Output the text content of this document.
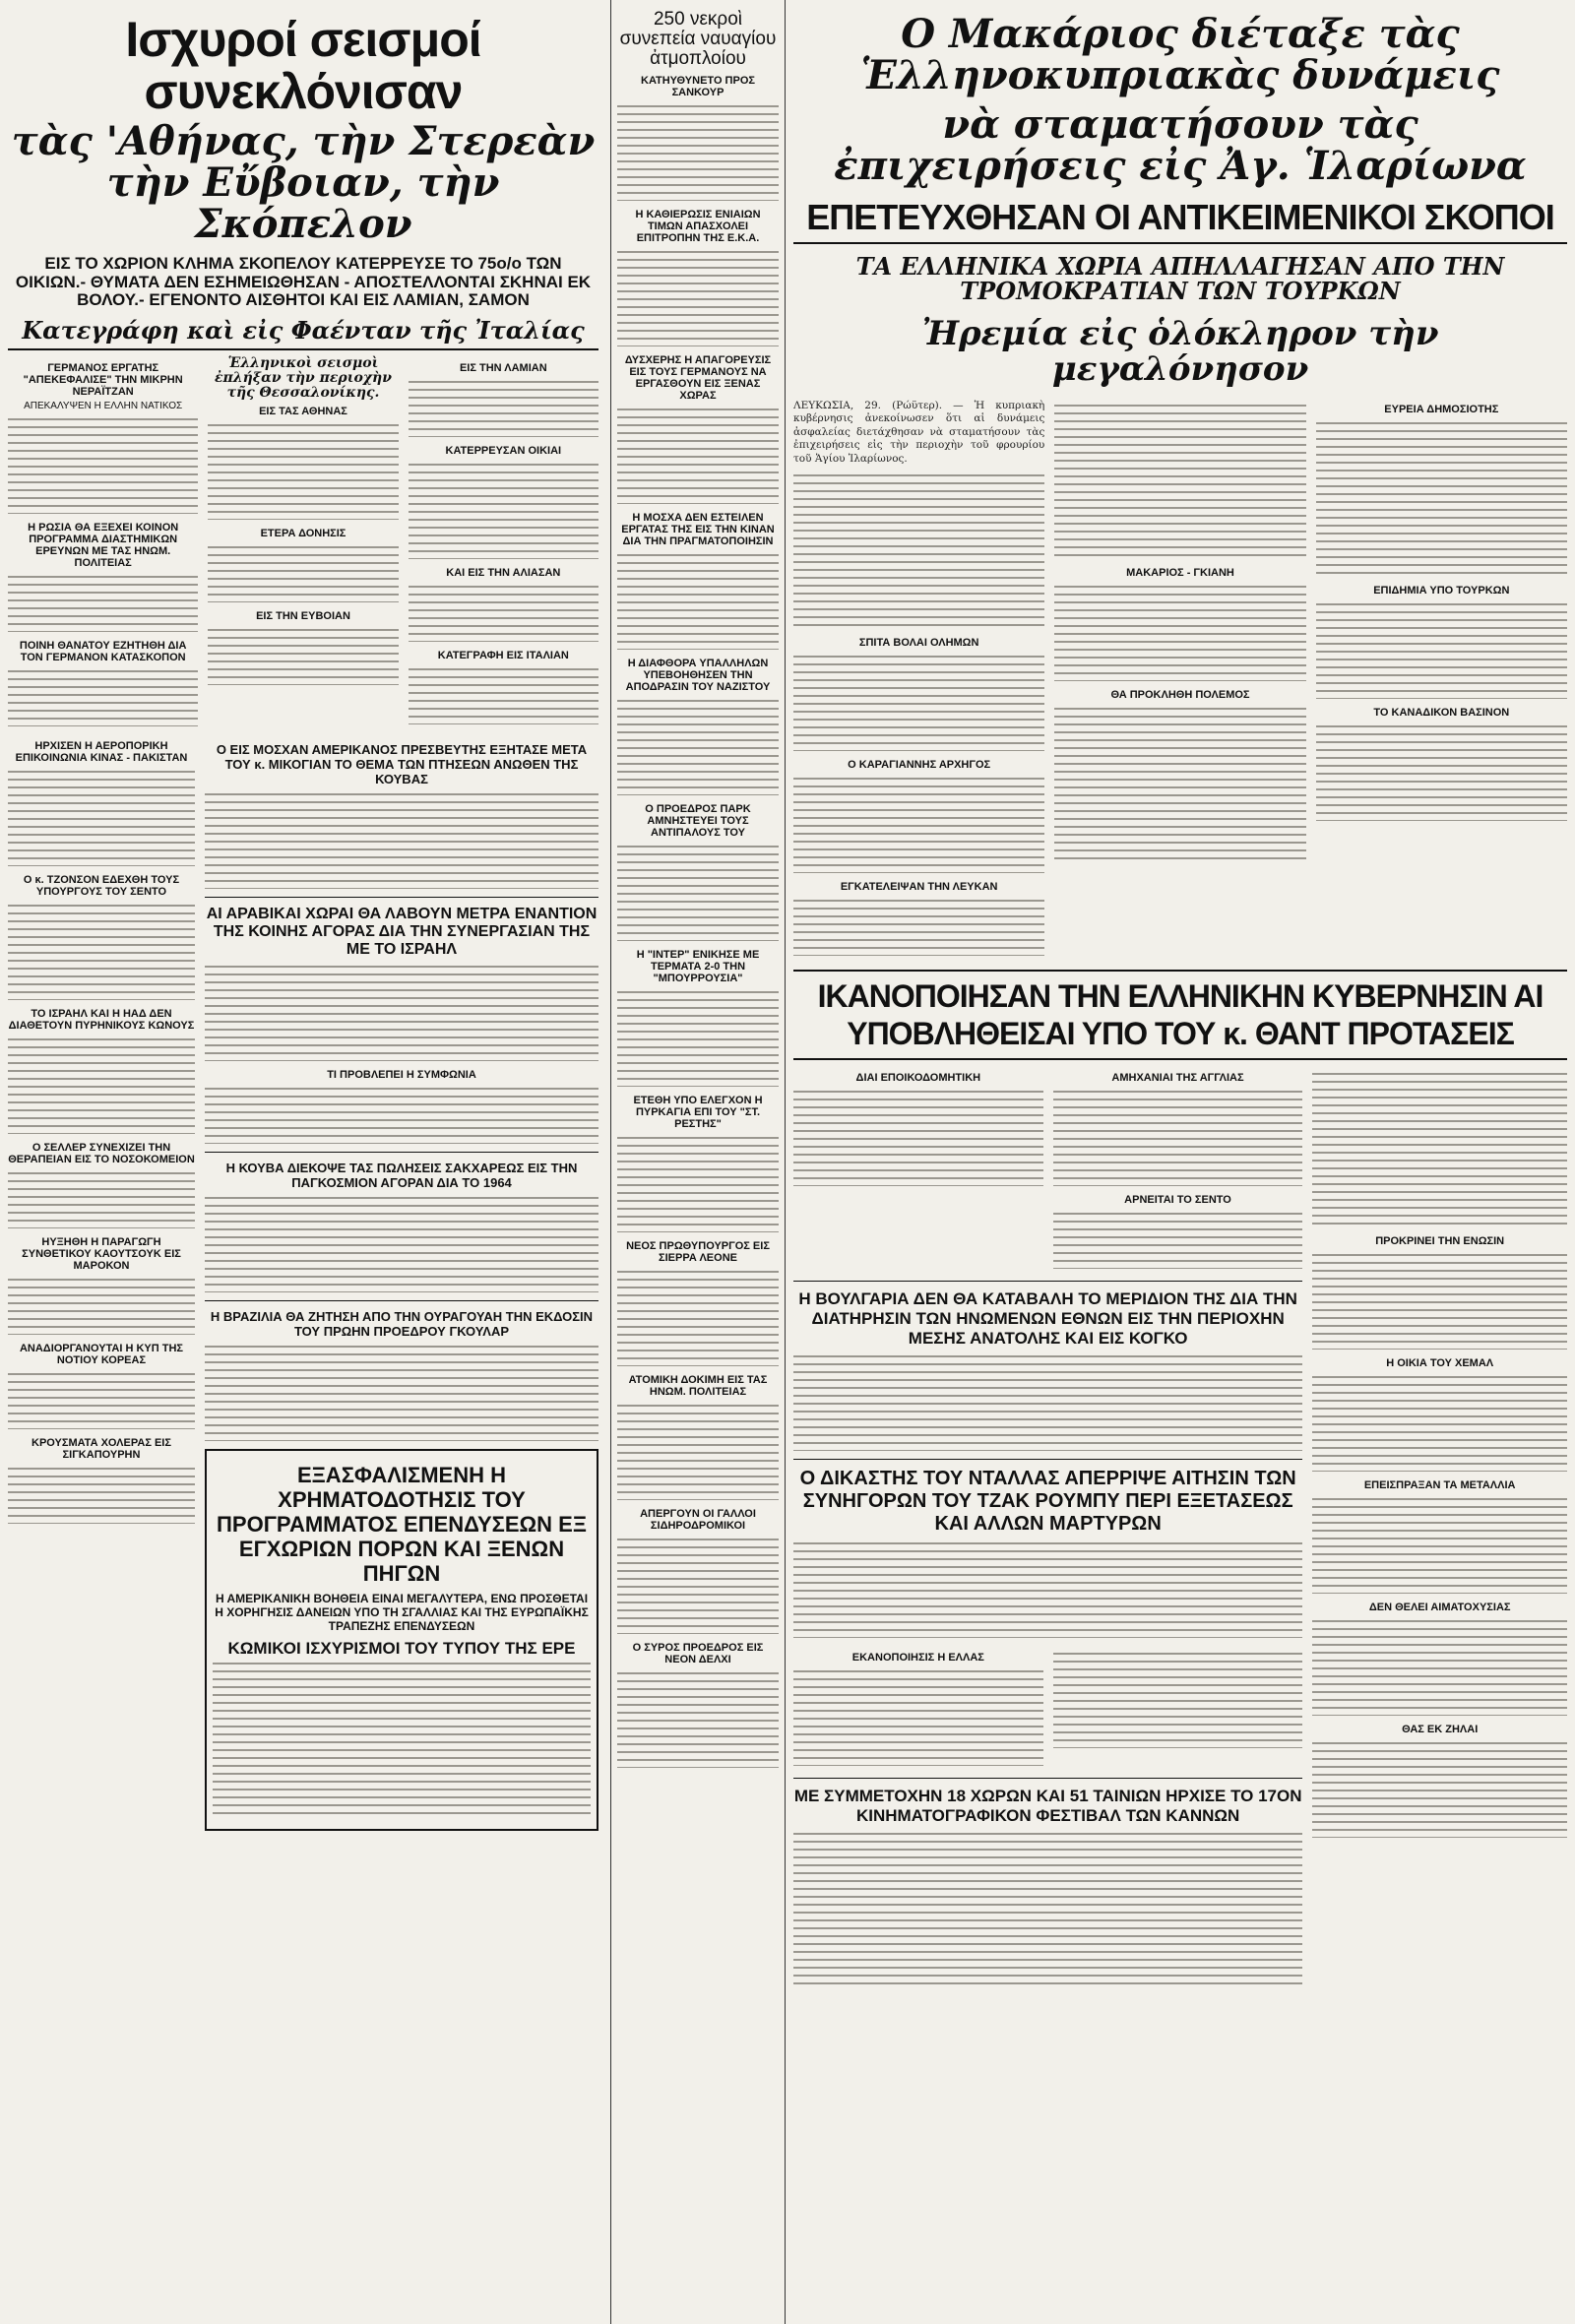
Ισχυροί σεισμοί συνεκλόνισαν
τὰς 'Αθήνας, τὴν Στερεὰν
τὴν Εὔβοιαν, τὴν Σκόπελον
ΕΙΣ ΤΟ ΧΩΡΙΟΝ ΚΛΗΜΑ ΣΚΟΠΕΛΟΥ ΚΑΤΕΡΡΕΥΣΕ ΤΟ 75ο/ο ΤΩΝ ΟΙΚΙΩΝ.- ΘΥΜΑΤΑ ΔΕΝ ΕΣΗΜΕΙΩΘΗΣΑΝ - ΑΠΟΣΤΕΛΛΟΝΤΑΙ ΣΚΗΝΑΙ ΕΚ ΒΟΛΟΥ.- ΕΓΕΝΟΝΤΟ ΑΙΣΘΗΤΟΙ ΚΑΙ ΕΙΣ ΛΑΜΙΑΝ, ΣΑΜΟΝ
Κατεγράφη καὶ εἰς Φαένταν τῆς Ἰταλίας
ΓΕΡΜΑΝΟΣ ΕΡΓΑΤΗΣ "ΑΠΕΚΕΦΑΛΙΣΕ" ΤΗΝ ΜΙΚΡΗΝ ΝΕΡΑΪΤΖΑΝ
ΑΠΕΚΑΛΥΨΕΝ Η ΕΛΛΗΝ ΝΑΤΙΚΟΣ
Η ΡΩΣΙΑ ΘΑ ΕΞΕΧΕΙ ΚΟΙΝΟΝ ΠΡΟΓΡΑΜΜΑ ΔΙΑΣΤΗΜΙΚΩΝ ΕΡΕΥΝΩΝ ΜΕ ΤΑΣ ΗΝΩΜ. ΠΟΛΙΤΕΙΑΣ
ΠΟΙΝΗ ΘΑΝΑΤΟΥ ΕΖΗΤΗΘΗ ΔΙΑ ΤΟΝ ΓΕΡΜΑΝΟΝ ΚΑΤΑΣΚΟΠΟΝ
Ἑλληνικοὶ σεισμοὶ ἐπλήξαν τὴν περιοχὴν τῆς Θεσσαλονίκης.
ΕΙΣ ΤΑΣ ΑΘΗΝΑΣ
ΕΤΕΡΑ ΔΟΝΗΣΙΣ
ΕΙΣ ΤΗΝ ΕΥΒΟΙΑΝ
ΕΙΣ ΤΗΝ ΛΑΜΙΑΝ
ΚΑΤΕΡΡΕΥΣΑΝ ΟΙΚΙΑΙ
ΚΑΙ ΕΙΣ ΤΗΝ ΑΛΙΑΣΑΝ
ΚΑΤΕΓΡΑΦΗ ΕΙΣ ΙΤΑΛΙΑΝ
ΗΡΧΙΣΕΝ Η ΑΕΡΟΠΟΡΙΚΗ ΕΠΙΚΟΙΝΩΝΙΑ ΚΙΝΑΣ - ΠΑΚΙΣΤΑΝ
Ο κ. ΤΖΟΝΣΟΝ ΕΔΕΧΘΗ ΤΟΥΣ ΥΠΟΥΡΓΟΥΣ ΤΟΥ ΣΕΝΤΟ
ΤΟ ΙΣΡΑΗΛ ΚΑΙ Η ΗΑΔ ΔΕΝ ΔΙΑΘΕΤΟΥΝ ΠΥΡΗΝΙΚΟΥΣ ΚΩΝΟΥΣ
Ο ΣΕΛΛΕΡ ΣΥΝΕΧΙΖΕΙ ΤΗΝ ΘΕΡΑΠΕΙΑΝ ΕΙΣ ΤΟ ΝΟΣΟΚΟΜΕΙΟΝ
ΗΥΞΗΘΗ Η ΠΑΡΑΓΩΓΗ ΣΥΝΘΕΤΙΚΟΥ ΚΑΟΥΤΣΟΥΚ ΕΙΣ ΜΑΡΟΚΟΝ
ΑΝΑΔΙΟΡΓΑΝΟΥΤΑΙ Η ΚΥΠ ΤΗΣ ΝΟΤΙΟΥ ΚΟΡΕΑΣ
ΚΡΟΥΣΜΑΤΑ ΧΟΛΕΡΑΣ ΕΙΣ ΣΙΓΚΑΠΟΥΡΗΝ
Ο ΕΙΣ ΜΟΣΧΑΝ ΑΜΕΡΙΚΑΝΟΣ ΠΡΕΣΒΕΥΤΗΣ ΕΞΗΤΑΣΕ ΜΕΤΑ ΤΟΥ κ. ΜΙΚΟΓΙΑΝ ΤΟ ΘΕΜΑ ΤΩΝ ΠΤΗΣΕΩΝ ΑΝΩΘΕΝ ΤΗΣ ΚΟΥΒΑΣ
ΑΙ ΑΡΑΒΙΚΑΙ ΧΩΡΑΙ ΘΑ ΛΑΒΟΥΝ ΜΕΤΡΑ ΕΝΑΝΤΙΟΝ ΤΗΣ ΚΟΙΝΗΣ ΑΓΟΡΑΣ ΔΙΑ ΤΗΝ ΣΥΝΕΡΓΑΣΙΑΝ ΤΗΣ ΜΕ ΤΟ ΙΣΡΑΗΛ
ΤΙ ΠΡΟΒΛΕΠΕΙ Η ΣΥΜΦΩΝΙΑ
Η ΚΟΥΒΑ ΔΙΕΚΟΨΕ ΤΑΣ ΠΩΛΗΣΕΙΣ ΣΑΚΧΑΡΕΩΣ ΕΙΣ ΤΗΝ ΠΑΓΚΟΣΜΙΟΝ ΑΓΟΡΑΝ ΔΙΑ ΤΟ 1964
Η ΒΡΑΖΙΛΙΑ ΘΑ ΖΗΤΗΣΗ ΑΠΟ ΤΗΝ ΟΥΡΑΓΟΥΑΗ ΤΗΝ ΕΚΔΟΣΙΝ ΤΟΥ ΠΡΩΗΝ ΠΡΟΕΔΡΟΥ ΓΚΟΥΛΑΡ
ΕΞΑΣΦΑΛΙΣΜΕΝΗ Η ΧΡΗΜΑΤΟΔΟΤΗΣΙΣ ΤΟΥ ΠΡΟΓΡΑΜΜΑΤΟΣ ΕΠΕΝΔΥΣΕΩΝ ΕΞ ΕΓΧΩΡΙΩΝ ΠΟΡΩΝ ΚΑΙ ΞΕΝΩΝ ΠΗΓΩΝ
Η ΑΜΕΡΙΚΑΝΙΚΗ ΒΟΗΘΕΙΑ ΕΙΝΑΙ ΜΕΓΑΛΥΤΕΡΑ, ΕΝΩ ΠΡΟΣΘΕΤΑΙ Η ΧΟΡΗΓΗΣΙΣ ΔΑΝΕΙΩΝ ΥΠΟ ΤΗ ΣΓΑΛΛΙΑΣ ΚΑΙ ΤΗΣ ΕΥΡΩΠΑΪΚΗΣ ΤΡΑΠΕΖΗΣ ΕΠΕΝΔΥΣΕΩΝ
ΚΩΜΙΚΟΙ ΙΣΧΥΡΙΣΜΟΙ ΤΟΥ ΤΥΠΟΥ ΤΗΣ ΕΡΕ
250 νεκροὶ συνεπεία ναυαγίου ἀτμοπλοίου
ΚΑΤΗΥΘΥΝΕΤΟ ΠΡΟΣ ΣΑΝΚΟΥΡ
Η ΚΑΘΙΕΡΩΣΙΣ ΕΝΙΑΙΩΝ ΤΙΜΩΝ ΑΠΑΣΧΟΛΕΙ ΕΠΙΤΡΟΠΗΝ ΤΗΣ Ε.Κ.Α.
ΔΥΣΧΕΡΗΣ Η ΑΠΑΓΟΡΕΥΣΙΣ ΕΙΣ ΤΟΥΣ ΓΕΡΜΑΝΟΥΣ ΝΑ ΕΡΓΑΣΘΟΥΝ ΕΙΣ ΞΕΝΑΣ ΧΩΡΑΣ
Η ΜΟΣΧΑ ΔΕΝ ΕΣΤΕΙΛΕΝ ΕΡΓΑΤΑΣ ΤΗΣ ΕΙΣ ΤΗΝ ΚΙΝΑΝ ΔΙΑ ΤΗΝ ΠΡΑΓΜΑΤΟΠΟΙΗΣΙΝ
Η ΔΙΑΦΘΟΡΑ ΥΠΑΛΛΗΛΩΝ ΥΠΕΒΟΗΘΗΣΕΝ ΤΗΝ ΑΠΟΔΡΑΣΙΝ ΤΟΥ ΝΑΖΙΣΤΟΥ
Ο ΠΡΟΕΔΡΟΣ ΠΑΡΚ ΑΜΝΗΣΤΕΥΕΙ ΤΟΥΣ ΑΝΤΙΠΑΛΟΥΣ ΤΟΥ
Η "ΙΝΤΕΡ" ΕΝΙΚΗΣΕ ΜΕ ΤΕΡΜΑΤΑ 2-0 ΤΗΝ "ΜΠΟΥΡΡΟΥΣΙΑ"
ΕΤΕΘΗ ΥΠΟ ΕΛΕΓΧΟΝ Η ΠΥΡΚΑΓΙΑ ΕΠΙ ΤΟΥ "ΣΤ. ΡΕΣΤΗΣ"
ΝΕΟΣ ΠΡΩΘΥΠΟΥΡΓΟΣ ΕΙΣ ΣΙΕΡΡΑ ΛΕΟΝΕ
ΑΤΟΜΙΚΗ ΔΟΚΙΜΗ ΕΙΣ ΤΑΣ ΗΝΩΜ. ΠΟΛΙΤΕΙΑΣ
ΑΠΕΡΓΟΥΝ ΟΙ ΓΑΛΛΟΙ ΣΙΔΗΡΟΔΡΟΜΙΚΟΙ
Ο ΣΥΡΟΣ ΠΡΟΕΔΡΟΣ ΕΙΣ ΝΕΟΝ ΔΕΛΧΙ
Ο Μακάριος διέταξε τὰς Ἑλληνοκυπριακὰς δυνάμεις
νὰ σταματήσουν τὰς ἐπιχειρήσεις εἰς Ἀγ. Ἱλαρίωνα
ΕΠΕΤΕΥΧΘΗΣΑΝ ΟΙ ΑΝΤΙΚΕΙΜΕΝΙΚΟΙ ΣΚΟΠΟΙ
ΤΑ ΕΛΛΗΝΙΚΑ ΧΩΡΙΑ ΑΠΗΛΛΑΓΗΣΑΝ ΑΠΟ ΤΗΝ ΤΡΟΜΟΚΡΑΤΙΑΝ ΤΩΝ ΤΟΥΡΚΩΝ
Ἠρεμία εἰς ὁλόκληρον τὴν μεγαλόνησον
ΛΕΥΚΩΣΙΑ, 29. (Ρώϋτερ). — Ἡ κυπριακὴ κυβέρνησις ἀνεκοίνωσεν ὅτι αἱ δυνάμεις ἀσφαλείας διετάχθησαν νὰ σταματήσουν τὰς ἐπιχειρήσεις εἰς τὴν περιοχὴν τοῦ φρουρίου τοῦ Ἁγίου Ἱλαρίωνος.
ΣΠΙΤΑ ΒΟΛΑΙ ΟΛΗΜΩΝ
Ο ΚΑΡΑΓΙΑΝΝΗΣ ΑΡΧΗΓΟΣ
ΕΓΚΑΤΕΛΕΙΨΑΝ ΤΗΝ ΛΕΥΚΑΝ
ΜΑΚΑΡΙΟΣ - ΓΚΙΑΝΗ
ΘΑ ΠΡΟΚΛΗΘΗ ΠΟΛΕΜΟΣ
ΕΥΡΕΙΑ ΔΗΜΟΣΙΟΤΗΣ
ΕΠΙΔΗΜΙΑ ΥΠΟ ΤΟΥΡΚΩΝ
ΤΟ ΚΑΝΑΔΙΚΟΝ ΒΑΣΙΝΟΝ
ΙΚΑΝΟΠΟΙΗΣΑΝ ΤΗΝ ΕΛΛΗΝΙΚΗΝ ΚΥΒΕΡΝΗΣΙΝ ΑΙ ΥΠΟΒΛΗΘΕΙΣΑΙ ΥΠΟ ΤΟΥ κ. ΘΑΝΤ ΠΡΟΤΑΣΕΙΣ
ΔΙΑΙ ΕΠΟΙΚΟΔΟΜΗΤΙΚΗ	ΑΜΗΧΑΝΙΑΙ ΤΗΣ ΑΓΓΛΙΑΣ
ΑΡΝΕΙΤΑΙ ΤΟ ΣΕΝΤΟ
Η ΒΟΥΛΓΑΡΙΑ ΔΕΝ ΘΑ ΚΑΤΑΒΑΛΗ ΤΟ ΜΕΡΙΔΙΟΝ ΤΗΣ ΔΙΑ ΤΗΝ ΔΙΑΤΗΡΗΣΙΝ ΤΩΝ ΗΝΩΜΕΝΩΝ ΕΘΝΩΝ ΕΙΣ ΤΗΝ ΠΕΡΙΟΧΗΝ ΜΕΣΗΣ ΑΝΑΤΟΛΗΣ ΚΑΙ ΕΙΣ ΚΟΓΚΟ
Ο ΔΙΚΑΣΤΗΣ ΤΟΥ ΝΤΑΛΛΑΣ ΑΠΕΡΡΙΨΕ ΑΙΤΗΣΙΝ ΤΩΝ ΣΥΝΗΓΟΡΩΝ ΤΟΥ ΤΖΑΚ ΡΟΥΜΠΥ ΠΕΡΙ ΕΞΕΤΑΣΕΩΣ ΚΑΙ ΑΛΛΩΝ ΜΑΡΤΥΡΩΝ
ΕΚΑΝΟΠΟΙΗΣΙΣ Η ΕΛΛΑΣ
ΜΕ ΣΥΜΜΕΤΟΧΗΝ 18 ΧΩΡΩΝ ΚΑΙ 51 ΤΑΙΝΙΩΝ ΗΡΧΙΣΕ ΤΟ 17ΟΝ ΚΙΝΗΜΑΤΟΓΡΑΦΙΚΟΝ ΦΕΣΤΙΒΑΛ ΤΩΝ ΚΑΝΝΩΝ
ΠΡΟΚΡΙΝΕΙ ΤΗΝ ΕΝΩΣΙΝ
Η ΟΙΚΙΑ ΤΟΥ ΧΕΜΑΛ
ΕΠΕΙΣΠΡΑΞΑΝ ΤΑ ΜΕΤΑΛΛΙΑ
ΔΕΝ ΘΕΛΕΙ ΑΙΜΑΤΟΧΥΣΙΑΣ
ΘΑΣ ΕΚ ΖΗΛΑΙ
